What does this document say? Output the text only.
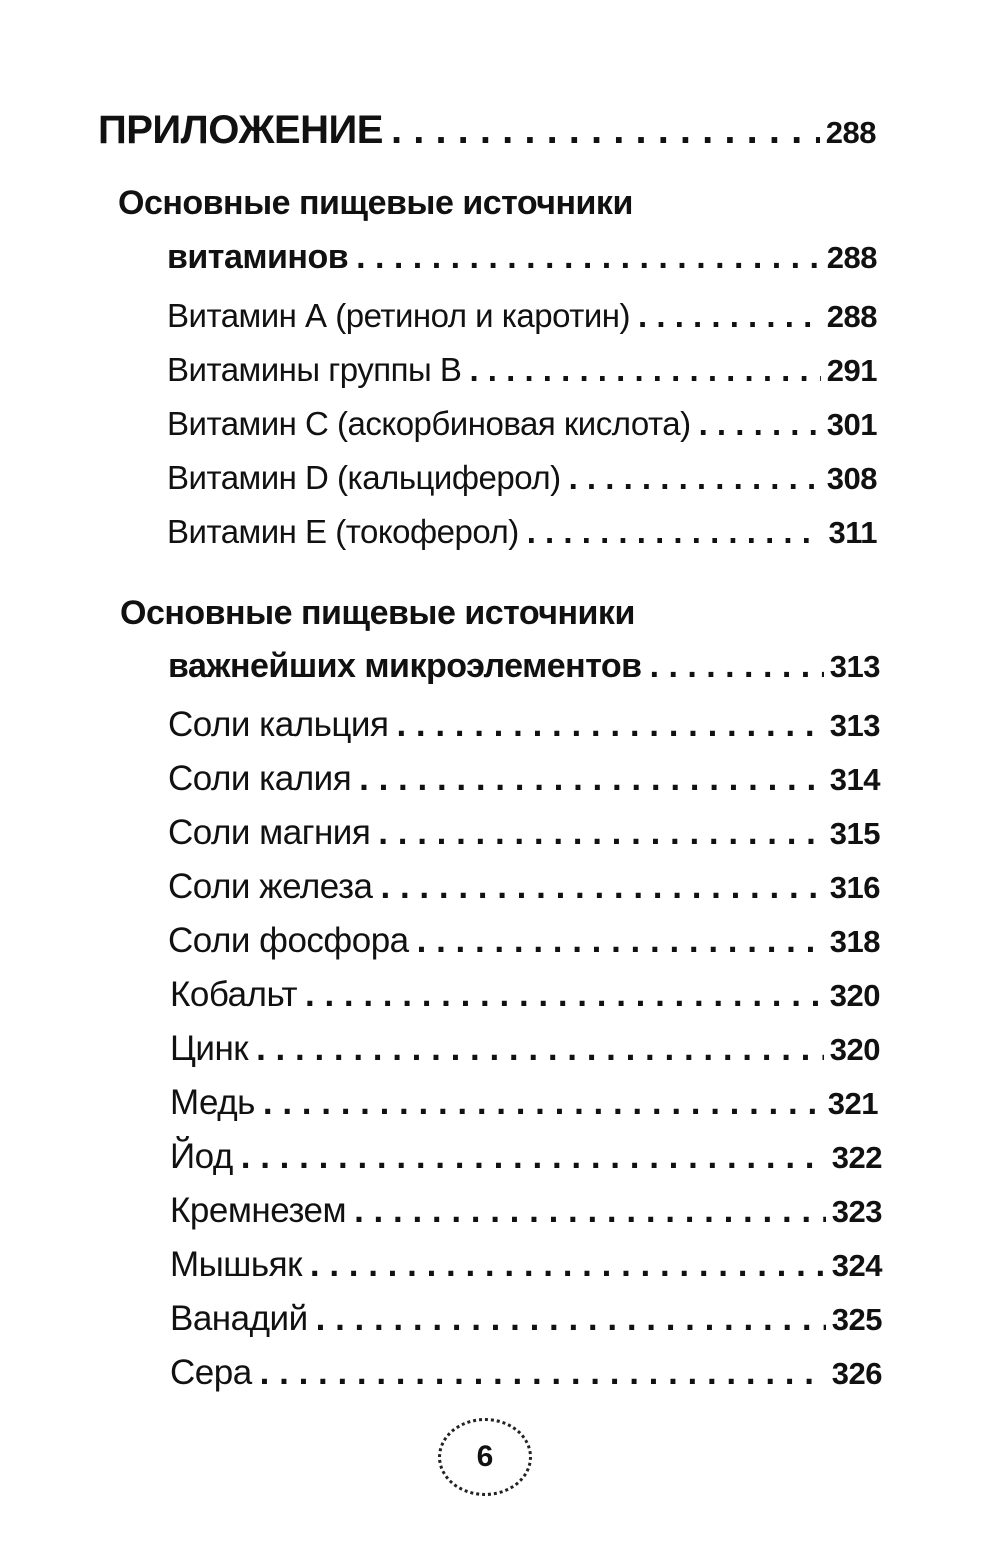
ПРИЛОЖЕНИЕ . . .	288
Основные пищевые источники
витаминов . . .	288
Витамин А (ретинол и каротин) . . .	288
Витамины группы В . . .	291
Витамин С (аскорбиновая кислота) . . .	301
Витамин D (кальциферол) . . .	308
Витамин Е (токоферол) . . .	311
Основные пищевые источники
важнейших микроэлементов . . .	313
Соли кальция . . .	313
Соли калия . . .	314
Соли магния . . .	315
Соли железа . . .	316
Соли фосфора . . .	318
Кобальт . . .	320
Цинк . . .	320
Медь . . .	321
Йод . . .	322
Кремнезем . . .	323
Мышьяк . . .	324
Ванадий . . .	325
Сера . . .	326
6
